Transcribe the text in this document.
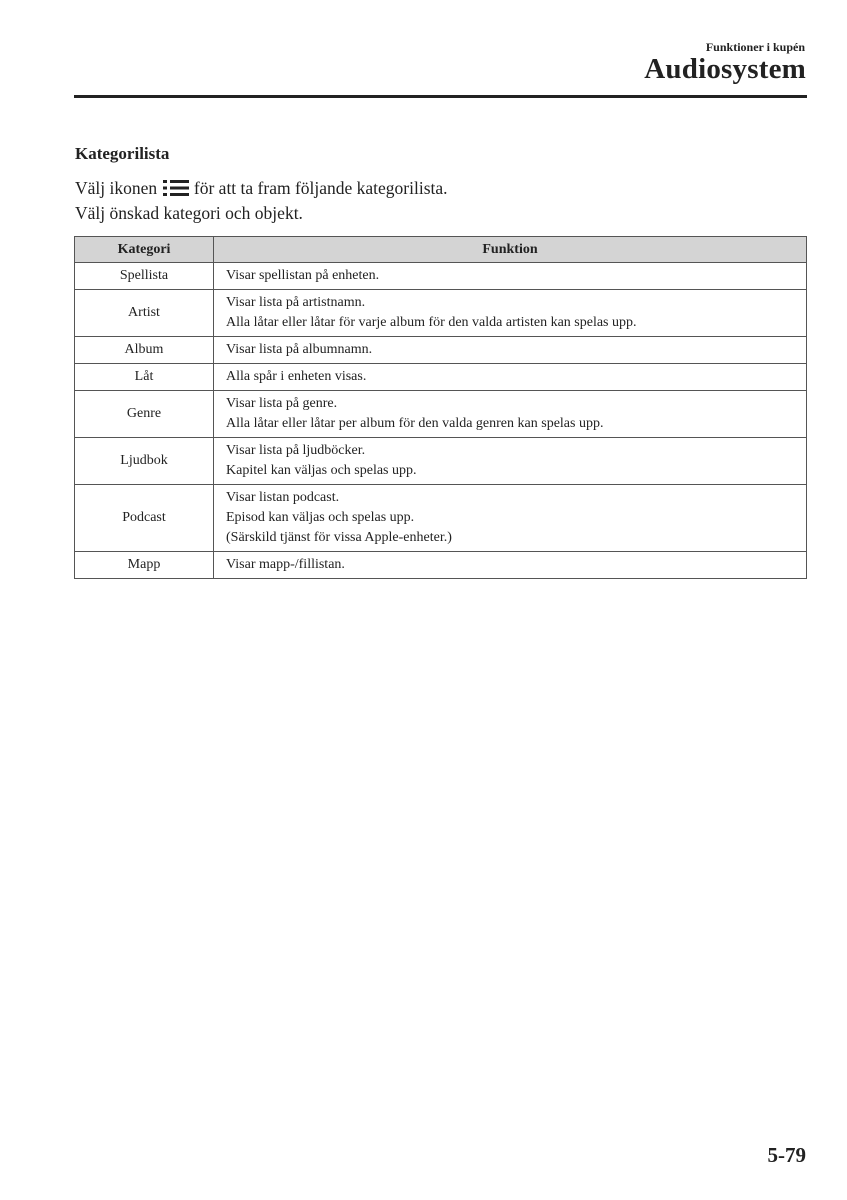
Funktioner i kupén
Audiosystem
Kategorilista
Välj ikonen för att ta fram följande kategorilista.
Välj önskad kategori och objekt.
Kategori	Funktion
Spellista	Visar spellistan på enheten.

Artist	Visar lista på artistnamn.
Alla låtar eller låtar för varje album för den valda artisten kan spelas upp.

Album	Visar lista på albumnamn.

Låt	Alla spår i enheten visas.

Genre	Visar lista på genre.
Alla låtar eller låtar per album för den valda genren kan spelas upp.

Ljudbok	Visar lista på ljudböcker.
Kapitel kan väljas och spelas upp.

Podcast	Visar listan podcast.
Episod kan väljas och spelas upp.
(Särskild tjänst för vissa Apple-enheter.)

Mapp	Visar mapp-/fillistan.
5-79
